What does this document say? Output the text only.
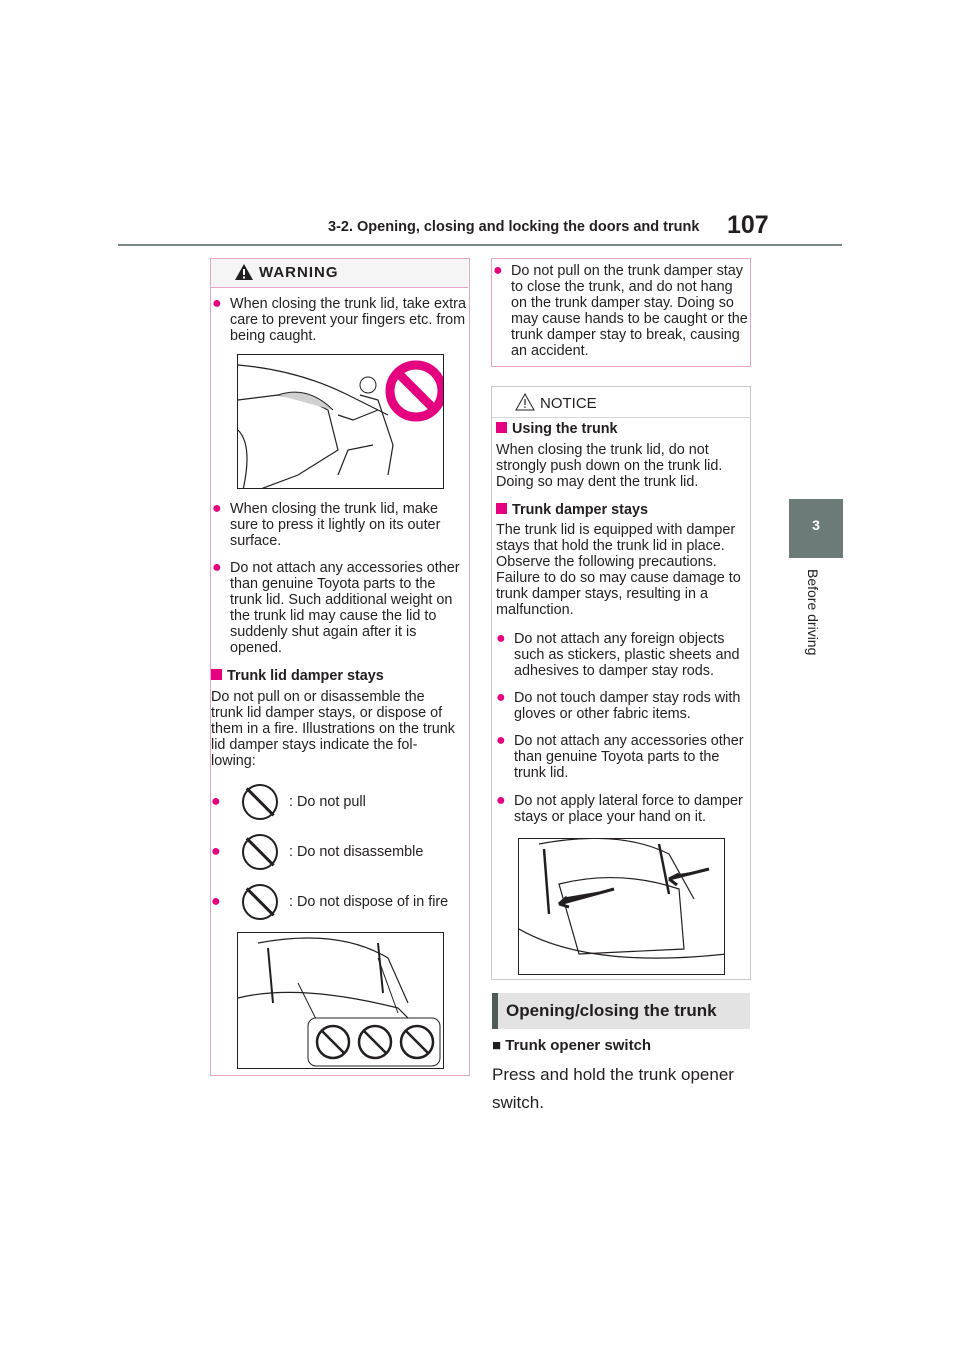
3-2. Opening, closing and locking the doors and trunk 107
3
Before driving
WARNING
● When closing the trunk lid, take extra care to prevent your fingers etc. from being caught.
● When closing the trunk lid, make sure to press it lightly on its outer surface.
● Do not attach any accessories other than genuine Toyota parts to the trunk lid. Such additional weight on the trunk lid may cause the lid to suddenly shut again after it is opened.
Trunk lid damper stays
Do not pull on or disassemble the trunk lid damper stays, or dispose of them in a fire. Illustrations on the trunk lid damper stays indicate the fol-lowing:
●	: Do not pull
●	: Do not disassemble
●	: Do not dispose of in fire
● Do not pull on the trunk damper stay to close the trunk, and do not hang on the trunk damper stay. Doing so may cause hands to be caught or the trunk damper stay to break, causing an accident.
NOTICE
Using the trunk
When closing the trunk lid, do not strongly push down on the trunk lid. Doing so may dent the trunk lid.
Trunk damper stays
The trunk lid is equipped with damper stays that hold the trunk lid in place. Observe the following precautions. Failure to do so may cause damage to trunk damper stays, resulting in a malfunction.
● Do not attach any foreign objects such as stickers, plastic sheets and adhesives to damper stay rods.
● Do not touch damper stay rods with gloves or other fabric items.
● Do not attach any accessories other than genuine Toyota parts to the trunk lid.
● Do not apply lateral force to damper stays or place your hand on it.
Opening/closing the trunk
■ Trunk opener switch
Press and hold the trunk opener switch.
